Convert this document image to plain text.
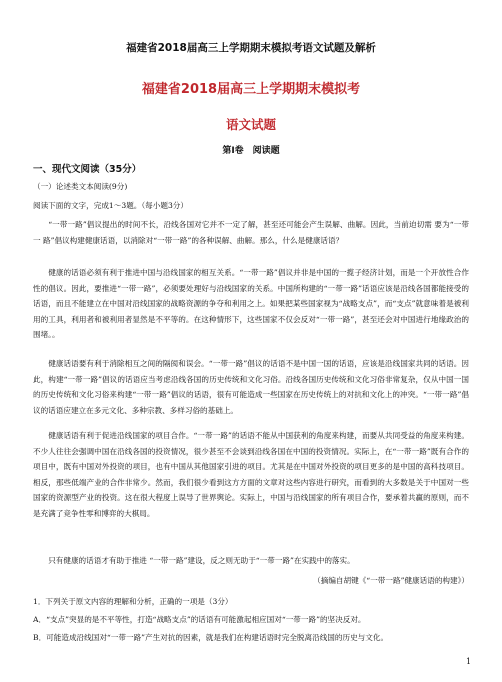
福建省2018届高三上学期期末模拟考语文试题及解析
福建省2018届高三上学期期末模拟考
语文试题
第Ⅰ卷　阅读题
一、现代文阅读（35分）
（一）论述类文本阅读(9分)
阅读下面的文字，完成1～3题。（每小题3分）
“一带一路”倡议提出的时间不长，沿线各国对它并不一定了解，甚至还可能会产生误解、曲解。因此，当前迫切需 要为“一带一 路”倡议构建健康话语，以消除对“一带一路”的各种误解、曲解。那么，什么是健康话语？
健康的话语必须有利于推进中国与沿线国家的相互关系。“一带一路”倡议并非是中国的一揽子经济计划，而是一个开放性合作性的倡议。因此，要推进“一带一路”，必须要处理好与沿线国家的关系。中国所构建的“一带一路”话语应该是沿线各国都能接受的话语，而且不能建立在中国对沿线国家的战略资源的争夺和利用之上。如果把某些国家视为“战略支点”，而“支点”就意味着是被利用的工具，利用者和被利用者显然是不平等的。在这种情形下，这些国家不仅会反对“一带一路”，甚至还会对中国进行地缘政治的围堵。。
健康话语要有利于消除相互之间的隔阂和误会。“一带一路”倡议的话语不是中国一国的话语，应该是沿线国家共同的话语。因此，构建“一带一路”倡议的话语应当考虑沿线各国的历史传统和文化习俗。沿线各国历史传统和文化习俗非常复杂，仅从中国一国的历史传统和文化习俗来构建“一带一路”倡议的话语，很有可能造成一些国家在历史传统上的对抗和文化上的冲突。“一带一路”倡议的话语应建立在多元文化、多种宗教、多样习俗的基础上。
健康话语有利于促进沿线国家的项目合作。“一带一路”的话语不能从中国获利的角度来构建，而要从共同受益的角度来构建。不少人往往会强调中国在沿线各国的投资情况，很少甚至不会谈到沿线各国在中国的投资情况。实际上，在“一带一路”既有合作的项目中，既有中国对外投资的项目，也有中国从其他国家引进的项目。尤其是在中国对外投资的项目更多的是中国的高科技项目。相反，那些低端产业的合作非常少。然而，我们很少看到这方方面的文章对这些内容进行研究，而看到的大多数是关于中国对一些国家的资源型产业的投资。这在很大程度上误导了世界舆论。实际上，中国与沿线国家的所有项目合作，要承着共赢的原则，而不是充满了竞争性零和博弈的大棋局。
只有健康的话语才有助于推进 “一带一路”建设，反之则无助于“一带一路”在实践中的落实。
（摘编自胡键《“一带一路”健康话语的构建》）
1．下列关于原文内容的理解和分析，正确的一项是（3分）
A．“支点”突显的是不平等性，打造“战略支点”的话语有可能激起相应国对“一带一路”的坚决反对。
B．可能造成沿线国对“一带一路”产生对抗的因素，就是我们在构建话语时完全脱离沿线国的历史与文化。
1
